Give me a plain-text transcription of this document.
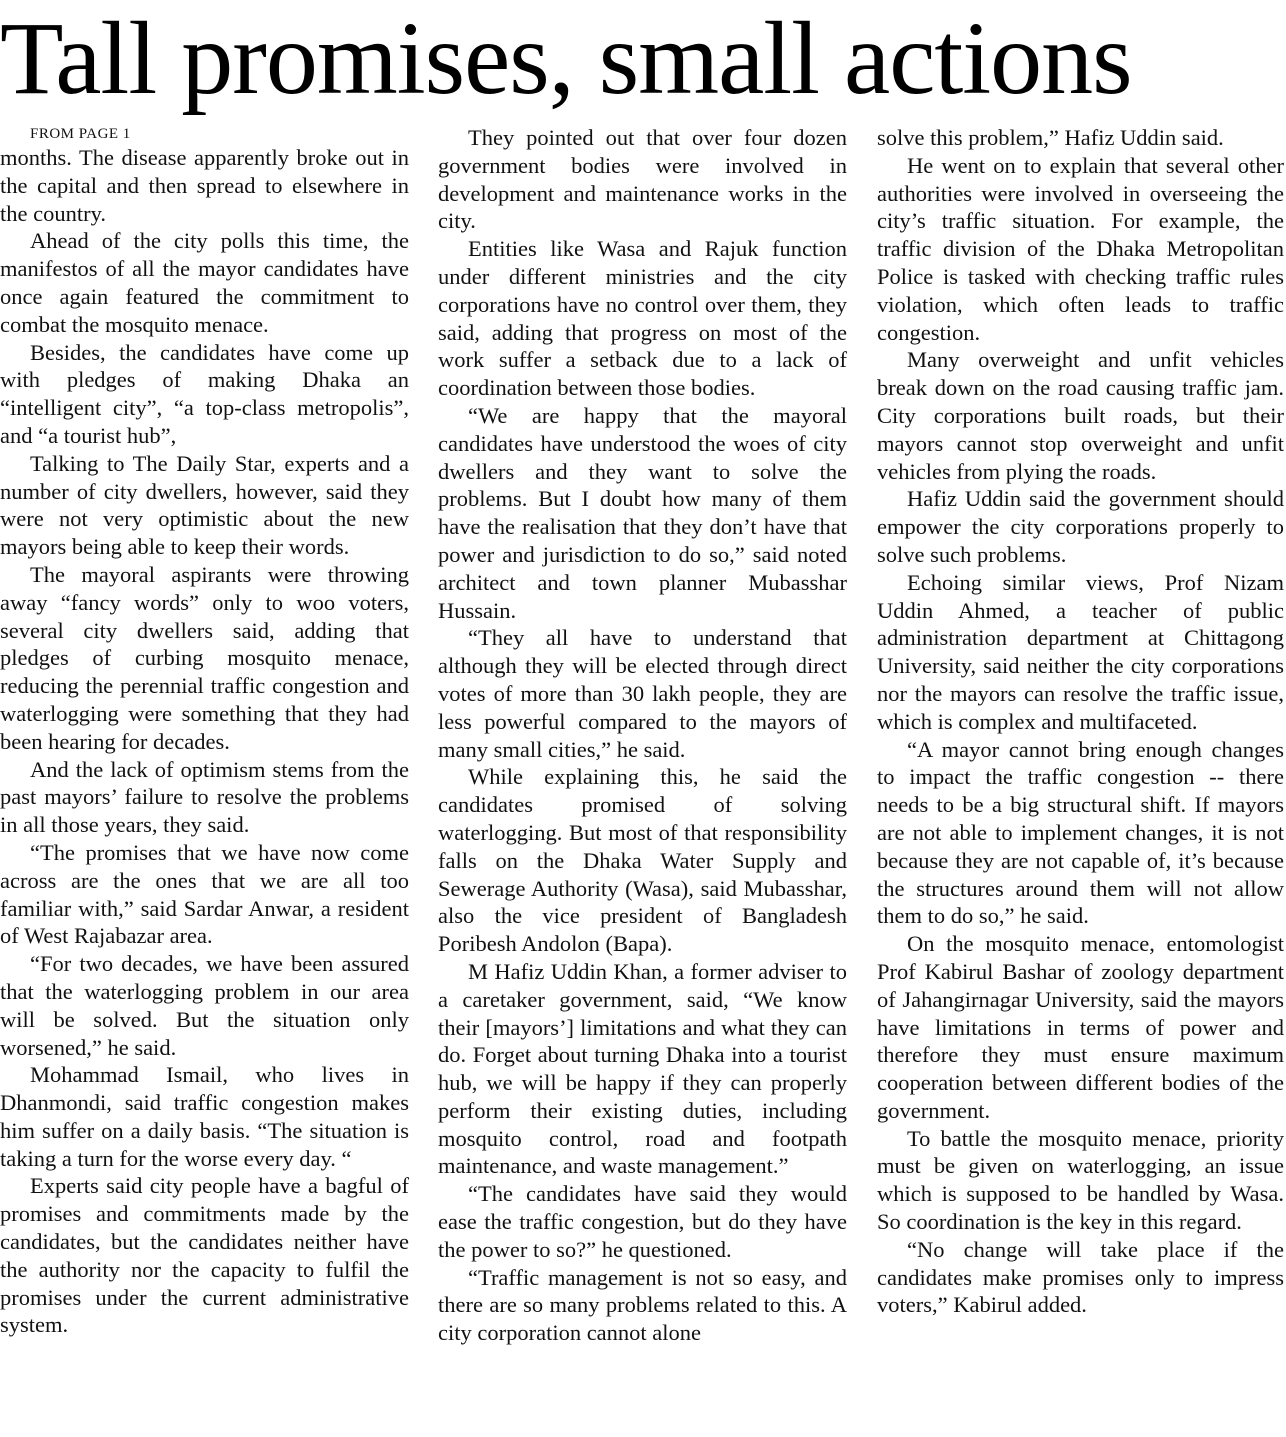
Tall promises, small actions

FROM PAGE 1

months. The disease apparently broke out in the capital and then spread to elsewhere in the country.

Ahead of the city polls this time, the manifestos of all the mayor candidates have once again featured the commitment to combat the mosquito menace.

Besides, the candidates have come up with pledges of making Dhaka an “intelligent city”, “a top-class metropolis”, and “a tourist hub”,

Talking to The Daily Star, experts and a number of city dwellers, however, said they were not very optimistic about the new mayors being able to keep their words.

The mayoral aspirants were throwing away “fancy words” only to woo voters, several city dwellers said, adding that pledges of curbing mosquito menace, reducing the perennial traffic congestion and waterlogging were something that they had been hearing for decades.

And the lack of optimism stems from the past mayors’ failure to resolve the problems in all those years, they said.

“The promises that we have now come across are the ones that we are all too familiar with,” said Sardar Anwar, a resident of West Rajabazar area.

“For two decades, we have been assured that the waterlogging problem in our area will be solved. But the situation only worsened,” he said.

Mohammad Ismail, who lives in Dhanmondi, said traffic congestion makes him suffer on a daily basis. “The situation is taking a turn for the worse every day. “

Experts said city people have a bagful of promises and commitments made by the candidates, but the candidates neither have the authority nor the capacity to fulfil the promises under the current administrative system.

They pointed out that over four dozen government bodies were involved in development and maintenance works in the city.

Entities like Wasa and Rajuk function under different ministries and the city corporations have no control over them, they said, adding that progress on most of the work suffer a setback due to a lack of coordination between those bodies.

“We are happy that the mayoral candidates have understood the woes of city dwellers and they want to solve the problems. But I doubt how many of them have the realisation that they don’t have that power and jurisdiction to do so,” said noted architect and town planner Mubasshar Hussain.

“They all have to understand that although they will be elected through direct votes of more than 30 lakh people, they are less powerful compared to the mayors of many small cities,” he said.

While explaining this, he said the candidates promised of solving waterlogging. But most of that responsibility falls on the Dhaka Water Supply and Sewerage Authority (Wasa), said Mubasshar, also the vice president of Bangladesh Poribesh Andolon (Bapa).

M Hafiz Uddin Khan, a former adviser to a caretaker government, said, “We know their [mayors’] limitations and what they can do. Forget about turning Dhaka into a tourist hub, we will be happy if they can properly perform their existing duties, including mosquito control, road and footpath maintenance, and waste management.”

“The candidates have said they would ease the traffic congestion, but do they have the power to so?” he questioned.

“Traffic management is not so easy, and there are so many problems related to this. A city corporation cannot alone

solve this problem,” Hafiz Uddin said.

He went on to explain that several other authorities were involved in overseeing the city’s traffic situation. For example, the traffic division of the Dhaka Metropolitan Police is tasked with checking traffic rules violation, which often leads to traffic congestion.

Many overweight and unfit vehicles break down on the road causing traffic jam. City corporations built roads, but their mayors cannot stop overweight and unfit vehicles from plying the roads.

Hafiz Uddin said the government should empower the city corporations properly to solve such problems.

Echoing similar views, Prof Nizam Uddin Ahmed, a teacher of public administration department at Chittagong University, said neither the city corporations nor the mayors can resolve the traffic issue, which is complex and multifaceted.

“A mayor cannot bring enough changes to impact the traffic congestion -- there needs to be a big structural shift. If mayors are not able to implement changes, it is not because they are not capable of, it’s because the structures around them will not allow them to do so,” he said.

On the mosquito menace, entomologist Prof Kabirul Bashar of zoology department of Jahangirnagar University, said the mayors have limitations in terms of power and therefore they must ensure maximum cooperation between different bodies of the government.

To battle the mosquito menace, priority must be given on waterlogging, an issue which is supposed to be handled by Wasa. So coordination is the key in this regard.

“No change will take place if the candidates make promises only to impress voters,” Kabirul added.
